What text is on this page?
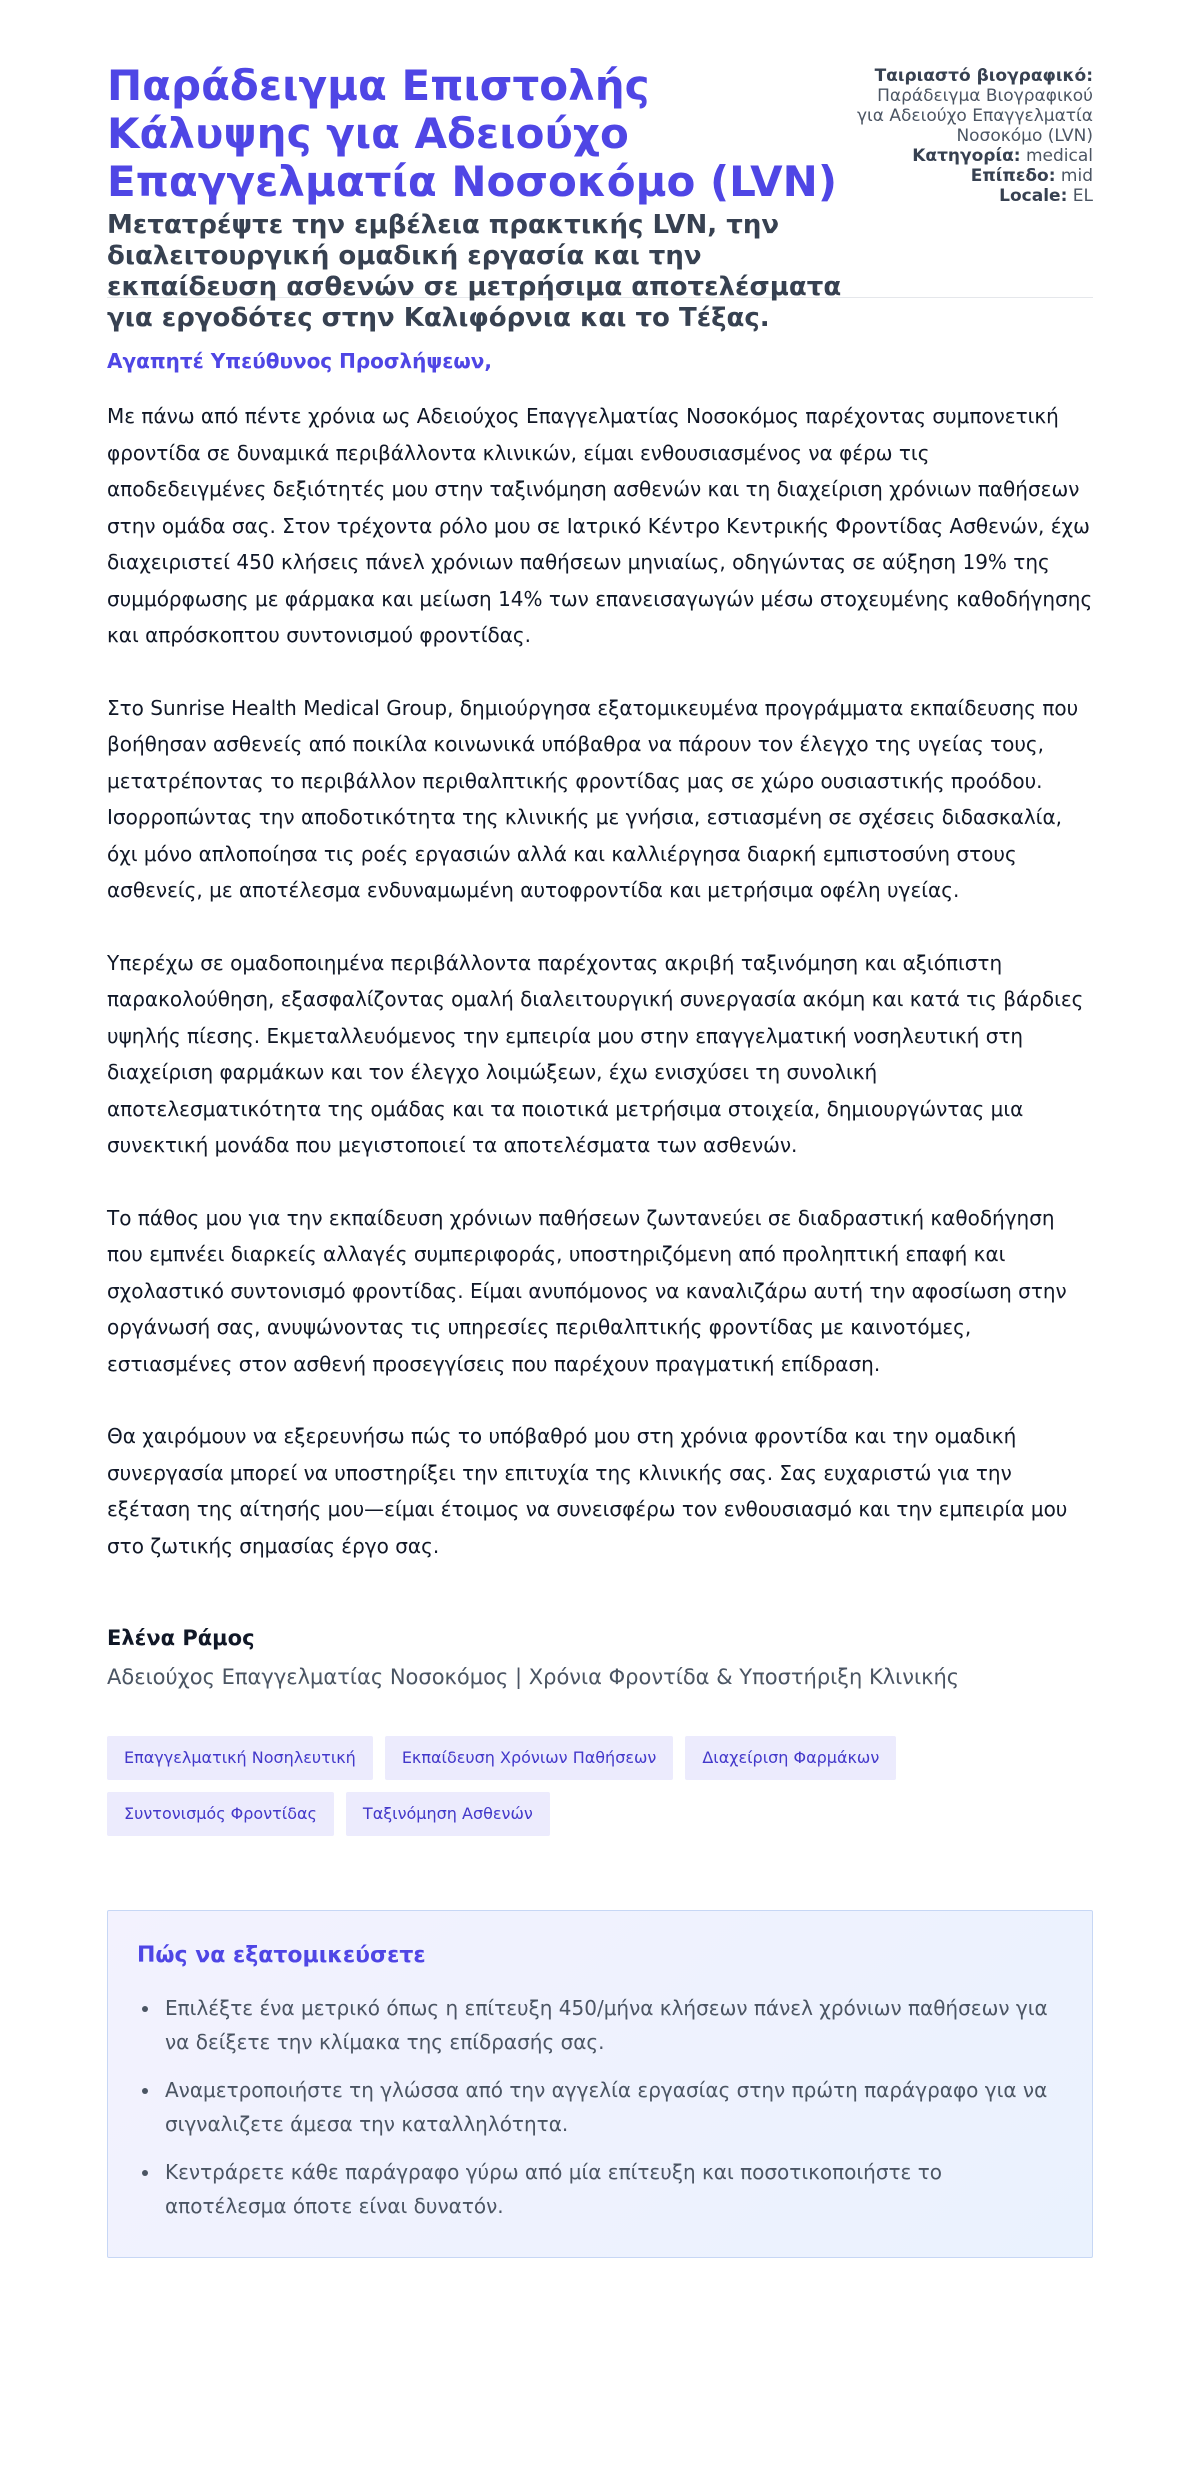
Παράδειγμα Επιστολής Κάλυψης για Αδειούχο Επαγγελματία Νοσοκόμο (LVN)
Μετατρέψτε την εμβέλεια πρακτικής LVN, την διαλειτουργική ομαδική εργασία και την εκπαίδευση ασθενών σε μετρήσιμα αποτελέσματα για εργοδότες στην Καλιφόρνια και το Τέξας.

Ταιριαστό βιογραφικό: Παράδειγμα Βιογραφικού για Αδειούχο Επαγγελματία Νοσοκόμο (LVN)

Κατηγορία: medical

Επίπεδο: mid

Locale: EL

Αγαπητέ Υπεύθυνος Προσλήψεων,

Με πάνω από πέντε χρόνια ως Αδειούχος Επαγγελματίας Νοσοκόμος παρέχοντας συμπονετική φροντίδα σε δυναμικά περιβάλλοντα κλινικών, είμαι ενθουσιασμένος να φέρω τις αποδεδειγμένες δεξιότητές μου στην ταξινόμηση ασθενών και τη διαχείριση χρόνιων παθήσεων στην ομάδα σας. Στον τρέχοντα ρόλο μου σε Ιατρικό Κέντρο Κεντρικής Φροντίδας Ασθενών, έχω διαχειριστεί 450 κλήσεις πάνελ χρόνιων παθήσεων μηνιαίως, οδηγώντας σε αύξηση 19% της συμμόρφωσης με φάρμακα και μείωση 14% των επανεισαγωγών μέσω στοχευμένης καθοδήγησης και απρόσκοπτου συντονισμού φροντίδας.

Στο Sunrise Health Medical Group, δημιούργησα εξατομικευμένα προγράμματα εκπαίδευσης που βοήθησαν ασθενείς από ποικίλα κοινωνικά υπόβαθρα να πάρουν τον έλεγχο της υγείας τους, μετατρέποντας το περιβάλλον περιθαλπτικής φροντίδας μας σε χώρο ουσιαστικής προόδου. Ισορροπώντας την αποδοτικότητα της κλινικής με γνήσια, εστιασμένη σε σχέσεις διδασκαλία, όχι μόνο απλοποίησα τις ροές εργασιών αλλά και καλλιέργησα διαρκή εμπιστοσύνη στους ασθενείς, με αποτέλεσμα ενδυναμωμένη αυτοφροντίδα και μετρήσιμα οφέλη υγείας.

Υπερέχω σε ομαδοποιημένα περιβάλλοντα παρέχοντας ακριβή ταξινόμηση και αξιόπιστη παρακολούθηση, εξασφαλίζοντας ομαλή διαλειτουργική συνεργασία ακόμη και κατά τις βάρδιες υψηλής πίεσης. Εκμεταλλευόμενος την εμπειρία μου στην επαγγελματική νοσηλευτική στη διαχείριση φαρμάκων και τον έλεγχο λοιμώξεων, έχω ενισχύσει τη συνολική αποτελεσματικότητα της ομάδας και τα ποιοτικά μετρήσιμα στοιχεία, δημιουργώντας μια συνεκτική μονάδα που μεγιστοποιεί τα αποτελέσματα των ασθενών.

Το πάθος μου για την εκπαίδευση χρόνιων παθήσεων ζωντανεύει σε διαδραστική καθοδήγηση που εμπνέει διαρκείς αλλαγές συμπεριφοράς, υποστηριζόμενη από προληπτική επαφή και σχολαστικό συντονισμό φροντίδας. Είμαι ανυπόμονος να καναλιζάρω αυτή την αφοσίωση στην οργάνωσή σας, ανυψώνοντας τις υπηρεσίες περιθαλπτικής φροντίδας με καινοτόμες, εστιασμένες στον ασθενή προσεγγίσεις που παρέχουν πραγματική επίδραση.

Θα χαιρόμουν να εξερευνήσω πώς το υπόβαθρό μου στη χρόνια φροντίδα και την ομαδική συνεργασία μπορεί να υποστηρίξει την επιτυχία της κλινικής σας. Σας ευχαριστώ για την εξέταση της αίτησής μου—είμαι έτοιμος να συνεισφέρω τον ενθουσιασμό και την εμπειρία μου στο ζωτικής σημασίας έργο σας.

Ελένα Ράμος

Αδειούχος Επαγγελματίας Νοσοκόμος | Χρόνια Φροντίδα & Υποστήριξη Κλινικής

Επαγγελματική Νοσηλευτική	Εκπαίδευση Χρόνιων Παθήσεων	Διαχείριση Φαρμάκων
Συντονισμός Φροντίδας	Ταξινόμηση Ασθενών
Πώς να εξατομικεύσετε
• Επιλέξτε ένα μετρικό όπως η επίτευξη 450/μήνα κλήσεων πάνελ χρόνιων παθήσεων για να δείξετε την κλίμακα της επίδρασής σας.
• Αναμετροποιήστε τη γλώσσα από την αγγελία εργασίας στην πρώτη παράγραφο για να σιγναλιζετε άμεσα την καταλληλότητα.
• Κεντράρετε κάθε παράγραφο γύρω από μία επίτευξη και ποσοτικοποιήστε το αποτέλεσμα όποτε είναι δυνατόν.
